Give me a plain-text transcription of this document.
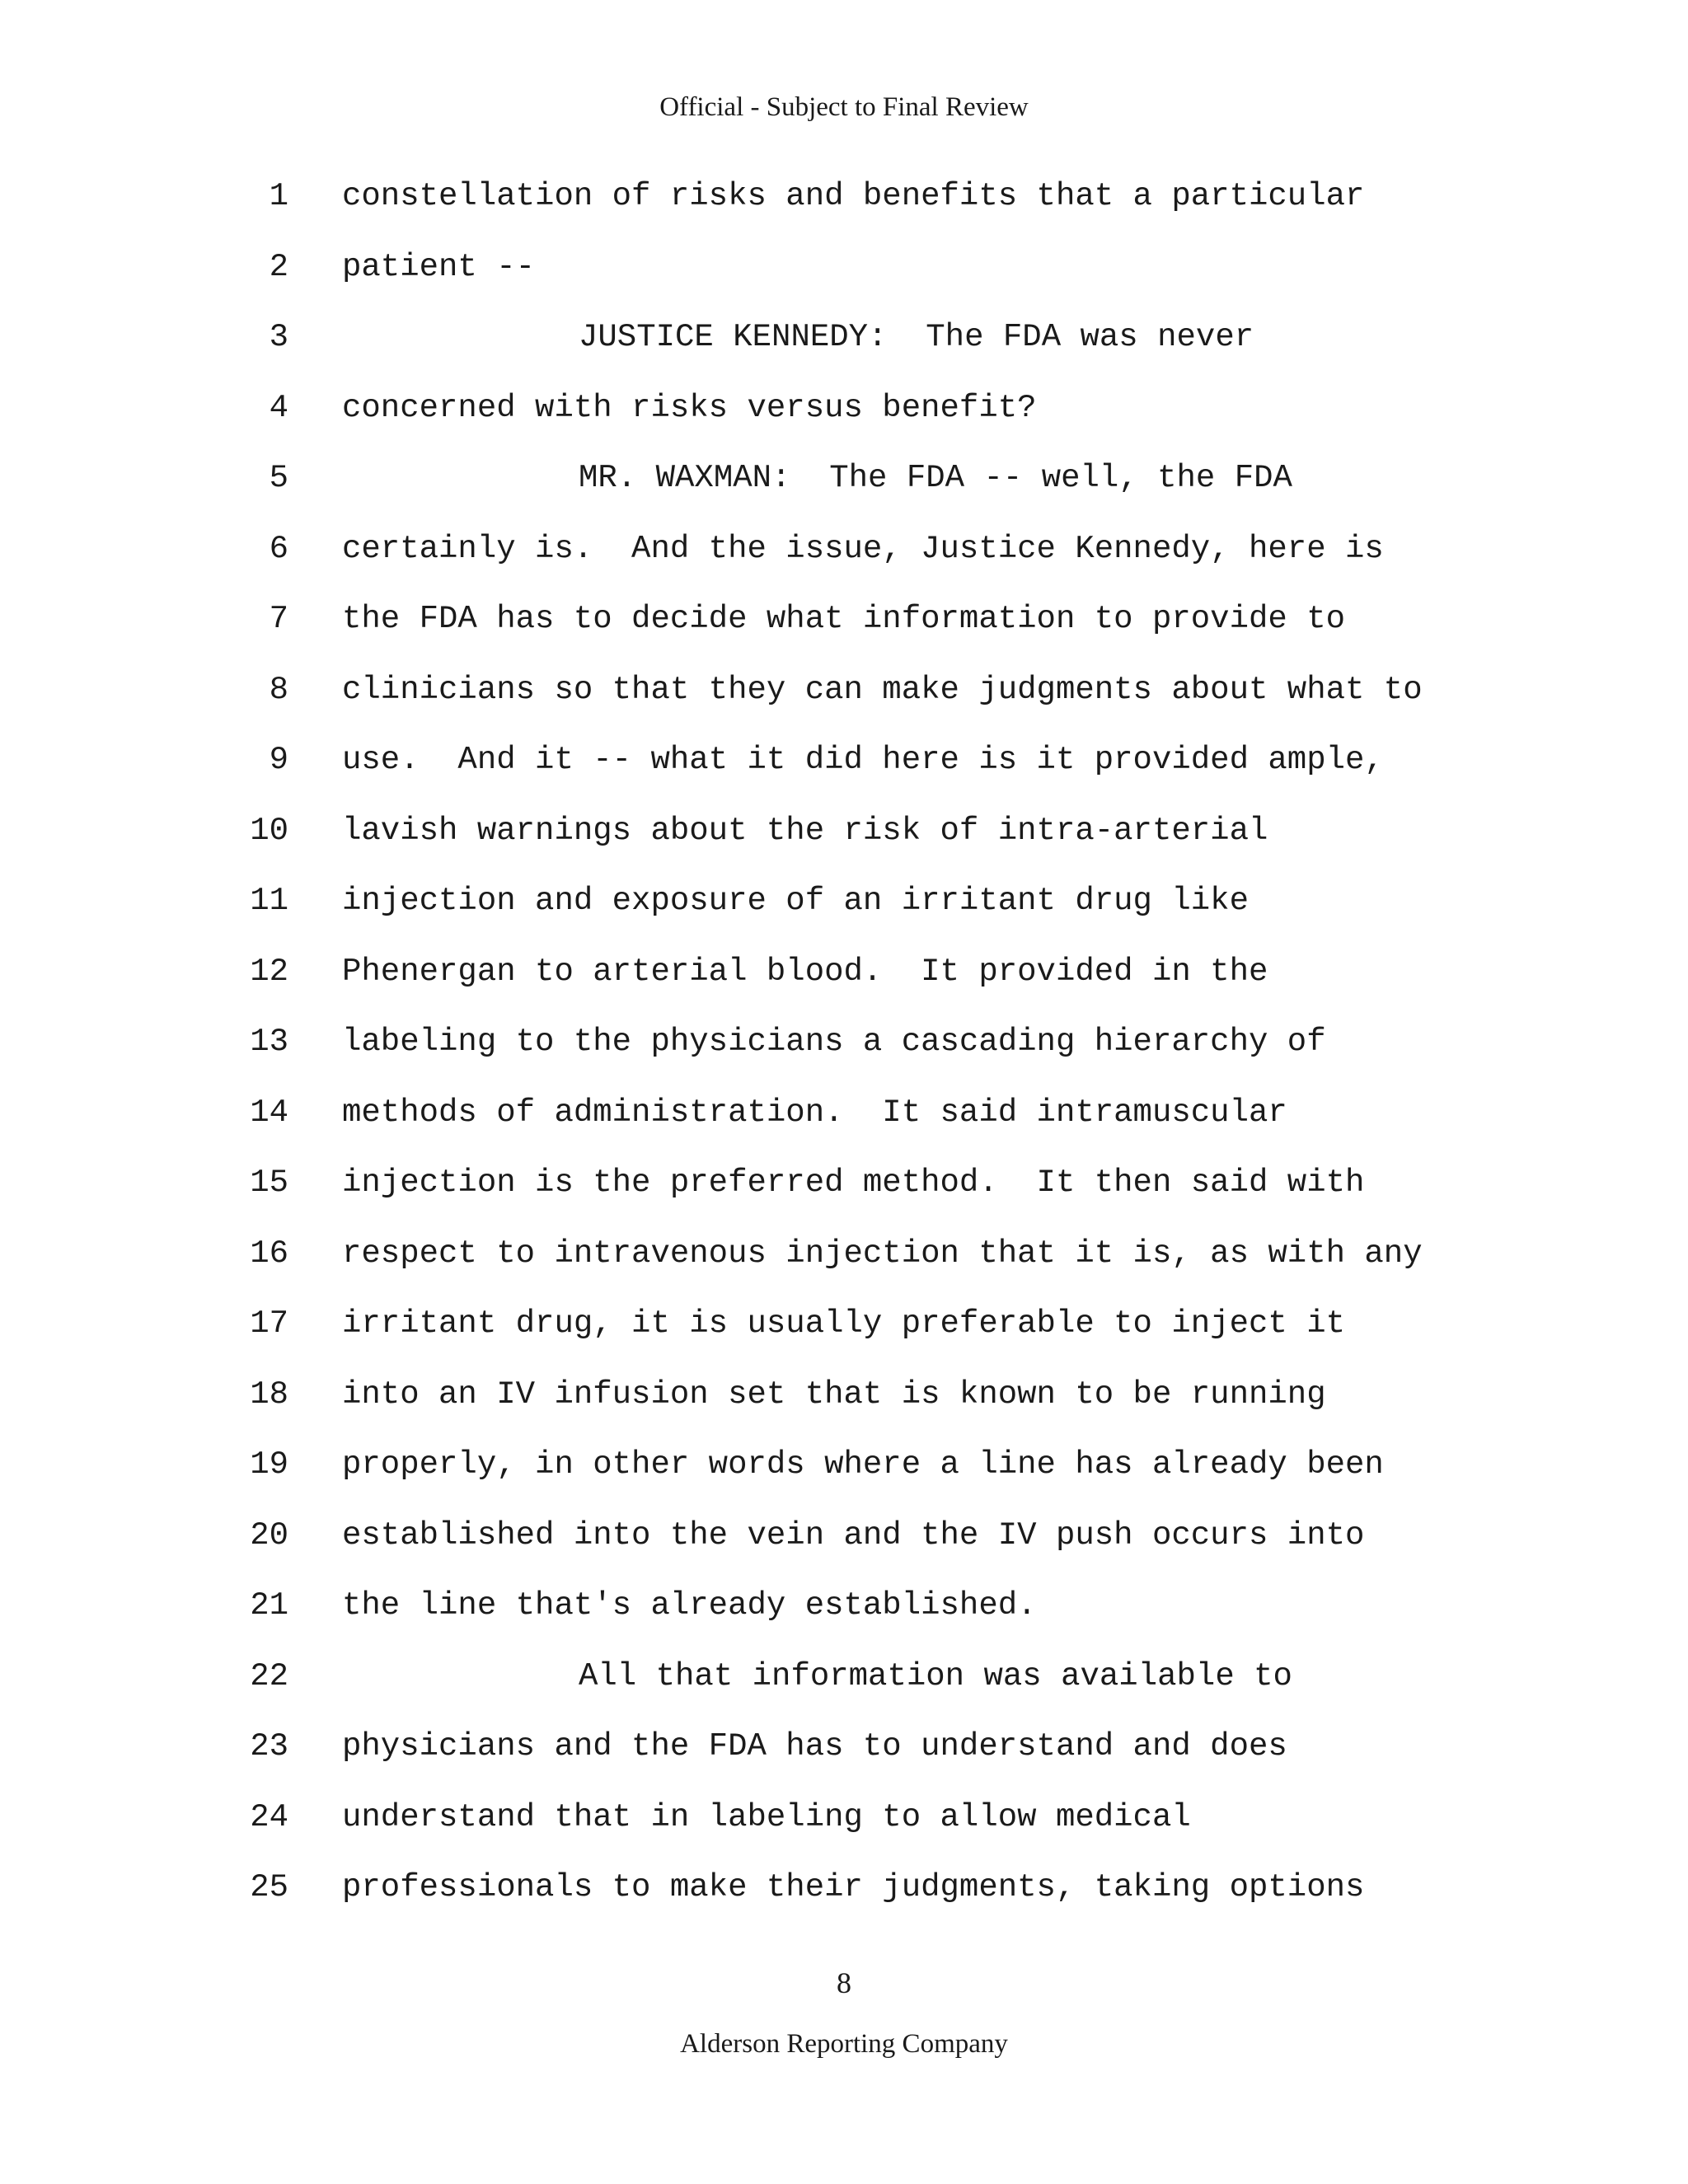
Official - Subject to Final Review
1 constellation of risks and benefits that a particular
2 patient --
3	JUSTICE KENNEDY:  The FDA was never
4 concerned with risks versus benefit?
5	MR. WAXMAN:  The FDA -- well, the FDA
6 certainly is.  And the issue, Justice Kennedy, here is
7 the FDA has to decide what information to provide to
8 clinicians so that they can make judgments about what to
9 use.  And it -- what it did here is it provided ample,
10 lavish warnings about the risk of intra-arterial
11 injection and exposure of an irritant drug like
12 Phenergan to arterial blood.  It provided in the
13 labeling to the physicians a cascading hierarchy of
14 methods of administration.  It said intramuscular
15 injection is the preferred method.  It then said with
16 respect to intravenous injection that it is, as with any
17 irritant drug, it is usually preferable to inject it
18 into an IV infusion set that is known to be running
19 properly, in other words where a line has already been
20 established into the vein and the IV push occurs into
21 the line that's already established.
22	All that information was available to
23 physicians and the FDA has to understand and does
24 understand that in labeling to allow medical
25 professionals to make their judgments, taking options
8
Alderson Reporting Company
